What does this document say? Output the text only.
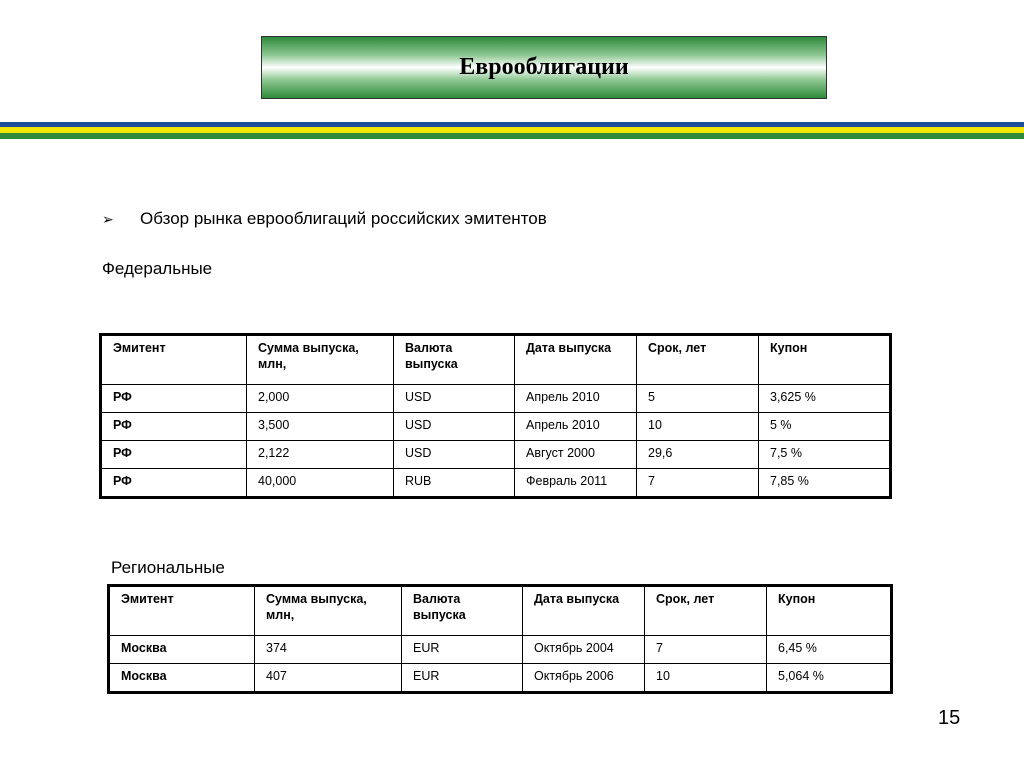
Еврооблигации
➢	Обзор рынка еврооблигаций российских эмитентов
Федеральные
Эмитент	Сумма выпуска, млн,	Валюта выпуска	Дата выпуска	Срок, лет	Купон
РФ	2,000	USD	Апрель 2010	5	3,625 %
РФ	3,500	USD	Апрель 2010	10	5 %
РФ	2,122	USD	Август 2000	29,6	7,5 %
РФ	40,000	RUB	Февраль 2011	7	7,85 %
Региональные
Эмитент	Сумма выпуска, млн,	Валюта выпуска	Дата выпуска	Срок, лет	Купон
Москва	374	EUR	Октябрь 2004	7	6,45 %
Москва	407	EUR	Октябрь 2006	10	5,064 %
15
